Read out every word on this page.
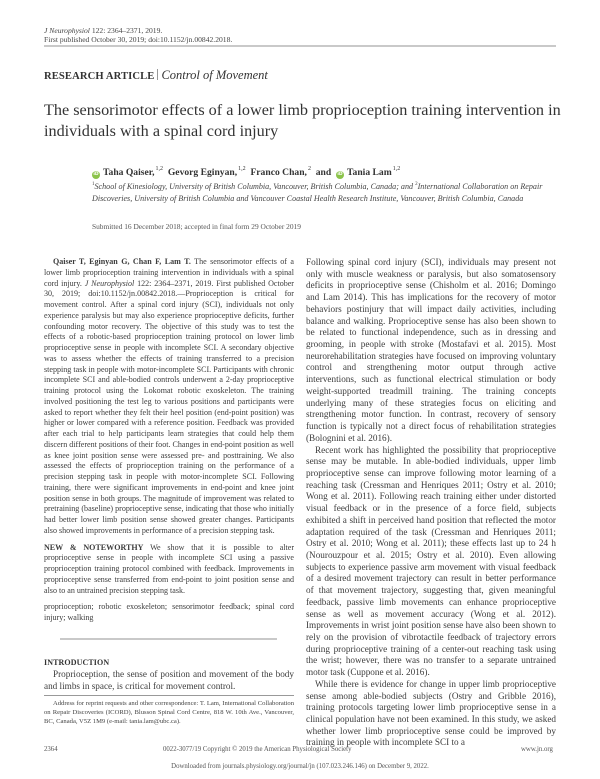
J Neurophysiol 122: 2364–2371, 2019.
First published October 30, 2019; doi:10.1152/jn.00842.2018.
RESEARCH ARTICLE Control of Movement
The sensorimotor effects of a lower limb proprioception training intervention in individuals with a spinal cord injury
iD Taha Qaiser,$^{1,2}$ Gevorg Eginyan,$^{1,2}$ Franco Chan,$^2$ and iD Tania Lam$^{1,2}$
$^1$School of Kinesiology, University of British Columbia, Vancouver, British Columbia, Canada; and $^2$International Collaboration on Repair Discoveries, University of British Columbia and Vancouver Coastal Health Research Institute, Vancouver, British Columbia, Canada
Submitted 16 December 2018; accepted in final form 29 October 2019

Qaiser T, Eginyan G, Chan F, Lam T. The sensorimotor effects of a lower limb proprioception training intervention in individuals with a spinal cord injury. J Neurophysiol 122: 2364–2371, 2019. First published October 30, 2019; doi:10.1152/jn.00842.2018.—Proprioception is critical for movement control. After a spinal cord injury (SCI), individuals not only experience paralysis but may also experience proprioceptive deficits, further confounding motor recovery. The objective of this study was to test the effects of a robotic-based proprioception training protocol on lower limb proprioceptive sense in people with incomplete SCI. A secondary objective was to assess whether the effects of training transferred to a precision stepping task in people with motor-incomplete SCI. Participants with chronic incomplete SCI and able-bodied controls underwent a 2-day proprioceptive training protocol using the Lokomat robotic exoskeleton. The training involved positioning the test leg to various positions and participants were asked to report whether they felt their heel position (end-point position) was higher or lower compared with a reference position. Feedback was provided after each trial to help participants learn strategies that could help them discern different positions of their foot. Changes in end-point position as well as knee joint position sense were assessed pre- and posttraining. We also assessed the effects of proprioception training on the performance of a precision stepping task in people with motor-incomplete SCI. Following training, there were significant improvements in end-point and knee joint position sense in both groups. The magnitude of improvement was related to pretraining (baseline) proprioceptive sense, indicating that those who initially had better lower limb position sense showed greater changes. Participants also showed improvements in performance of a precision stepping task.

NEW & NOTEWORTHY We show that it is possible to alter proprioceptive sense in people with incomplete SCI using a passive proprioception training protocol combined with feedback. Improvements in proprioceptive sense transferred from end-point to joint position sense and also to an untrained precision stepping task.

proprioception; robotic exoskeleton; sensorimotor feedback; spinal cord injury; walking

INTRODUCTION

Proprioception, the sense of position and movement of the body and limbs in space, is critical for movement control.

Address for reprint requests and other correspondence: T. Lam, International Collaboration on Repair Discoveries (ICORD), Blusson Spinal Cord Centre, 818 W. 10th Ave., Vancouver, BC, Canada, V5Z 1M9 (e-mail: tania.lam@ubc.ca).

Following spinal cord injury (SCI), individuals may present not only with muscle weakness or paralysis, but also somatosensory deficits in proprioceptive sense (Chisholm et al. 2016; Domingo and Lam 2014). This has implications for the recovery of motor behaviors postinjury that will impact daily activities, including balance and walking. Proprioceptive sense has also been shown to be related to functional independence, such as in dressing and grooming, in people with stroke (Mostafavi et al. 2015). Most neurorehabilitation strategies have focused on improving voluntary control and strengthening motor output through active interventions, such as functional electrical stimulation or body weight-supported treadmill training. The training concepts underlying many of these strategies focus on eliciting and strengthening motor function. In contrast, recovery of sensory function is typically not a direct focus of rehabilitation strategies (Bolognini et al. 2016).

Recent work has highlighted the possibility that proprioceptive sense may be mutable. In able-bodied individuals, upper limb proprioceptive sense can improve following motor learning of a reaching task (Cressman and Henriques 2011; Ostry et al. 2010; Wong et al. 2011). Following reach training either under distorted visual feedback or in the presence of a force field, subjects exhibited a shift in perceived hand position that reflected the motor adaptation required of the task (Cressman and Henriques 2011; Ostry et al. 2010; Wong et al. 2011); these effects last up to 24 h (Nourouzpour et al. 2015; Ostry et al. 2010). Even allowing subjects to experience passive arm movement with visual feedback of a desired movement trajectory can result in better performance of that movement trajectory, suggesting that, given meaningful feedback, passive limb movements can enhance proprioceptive sense as well as movement accuracy (Wong et al. 2012). Improvements in wrist joint position sense have also been shown to rely on the provision of vibrotactile feedback of trajectory errors during proprioceptive training of a center-out reaching task using the wrist; however, there was no transfer to a separate untrained motor task (Cuppone et al. 2016).

While there is evidence for change in upper limb proprioceptive sense among able-bodied subjects (Ostry and Gribble 2016), training protocols targeting lower limb proprioceptive sense in a clinical population have not been examined. In this study, we asked whether lower limb proprioceptive sense could be improved by training in people with incomplete SCI to a

2364	0022-3077/19 Copyright © 2019 the American Physiological Society	www.jn.org
Downloaded from journals.physiology.org/journal/jn (107.023.246.146) on December 9, 2022.
